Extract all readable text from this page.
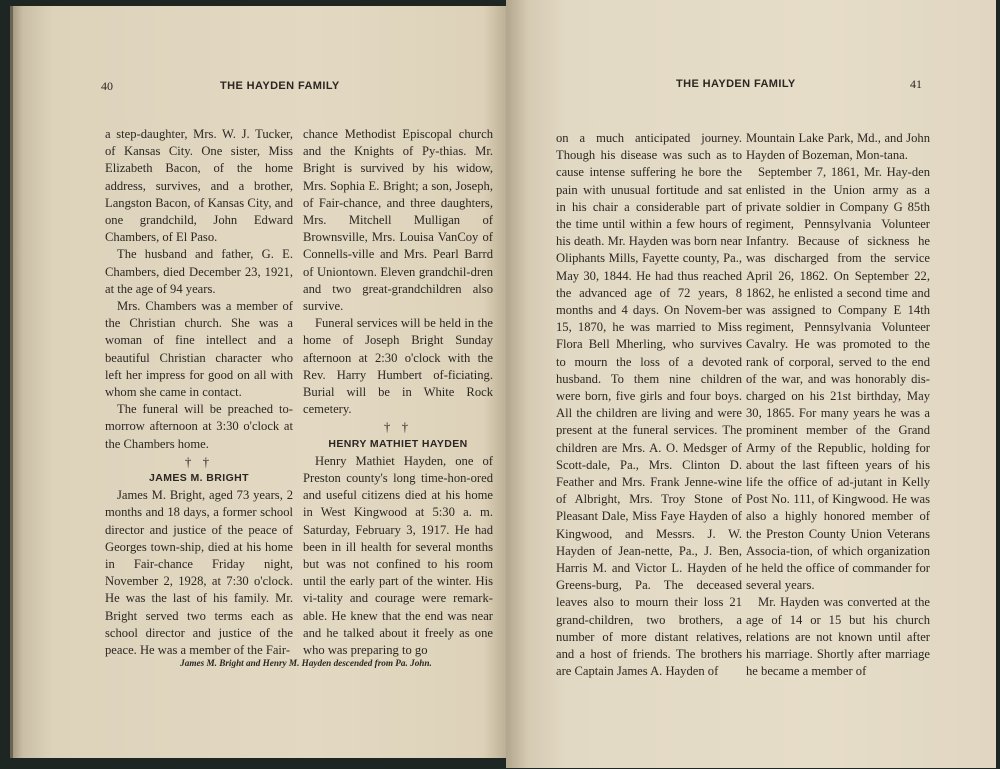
40	THE HAYDEN FAMILY

a step-daughter, Mrs. W. J. Tucker, of Kansas City. One sister, Miss Elizabeth Bacon, of the home address, survives, and a brother, Langston Bacon, of Kansas City, and one grandchild, John Edward Chambers, of El Paso.

The husband and father, G. E. Chambers, died December 23, 1921, at the age of 94 years.

Mrs. Chambers was a member of the Christian church. She was a woman of fine intellect and a beautiful Christian character who left her impress for good on all with whom she came in contact.

The funeral will be preached to-morrow afternoon at 3:30 o'clock at the Chambers home.

† †

JAMES M. BRIGHT

James M. Bright, aged 73 years, 2 months and 18 days, a former school director and justice of the peace of Georges town-ship, died at his home in Fair-chance Friday night, November 2, 1928, at 7:30 o'clock. He was the last of his family. Mr. Bright served two terms each as school director and justice of the peace. He was a member of the Fair-

chance Methodist Episcopal church and the Knights of Py-thias. Mr. Bright is survived by his widow, Mrs. Sophia E. Bright; a son, Joseph, of Fair-chance, and three daughters, Mrs. Mitchell Mulligan of Brownsville, Mrs. Louisa VanCoy of Connells-ville and Mrs. Pearl Barrd of Uniontown. Eleven grandchil-dren and two great-grandchildren also survive.

Funeral services will be held in the home of Joseph Bright Sunday afternoon at 2:30 o'clock with the Rev. Harry Humbert of-ficiating. Burial will be in White Rock cemetery.

† †

HENRY MATHIET HAYDEN

Henry Mathiet Hayden, one of Preston county's long time-hon-ored and useful citizens died at his home in West Kingwood at 5:30 a. m. Saturday, February 3, 1917. He had been in ill health for several months but was not confined to his room until the early part of the winter. His vi-tality and courage were remark-able. He knew that the end was near and he talked about it freely as one who was preparing to go

James M. Bright and Henry M. Hayden descended from Pa. John.
THE HAYDEN FAMILY	41

on a much anticipated journey. Though his disease was such as to cause intense suffering he bore the pain with unusual fortitude and sat in his chair a considerable part of the time until within a few hours of his death. Mr. Hayden was born near Oliphants Mills, Fayette county, Pa., May 30, 1844. He had thus reached the advanced age of 72 years, 8 months and 4 days. On Novem-ber 15, 1870, he was married to Miss Flora Bell Mherling, who survives to mourn the loss of a devoted husband. To them nine children were born, five girls and four boys. All the children are living and were present at the funeral services. The children are Mrs. A. O. Medsger of Scott-dale, Pa., Mrs. Clinton D. Feather and Mrs. Frank Jenne-wine of Albright, Mrs. Troy Stone of Pleasant Dale, Miss Faye Hayden of Kingwood, and Messrs. J. W. Hayden of Jean-nette, Pa., J. Ben, Harris M. and Victor L. Hayden of Greens-burg, Pa. The deceased leaves also to mourn their loss 21 grand-children, two brothers, a number of more distant relatives, and a host of friends. The brothers are Captain James A. Hayden of

Mountain Lake Park, Md., and John Hayden of Bozeman, Mon-tana.

September 7, 1861, Mr. Hay-den enlisted in the Union army as a private soldier in Company G 85th regiment, Pennsylvania Volunteer Infantry. Because of sickness he was discharged from the service April 26, 1862. On September 22, 1862, he enlisted a second time and was assigned to Company E 14th regiment, Pennsylvania Volunteer Cavalry. He was promoted to the rank of corporal, served to the end of the war, and was honorably dis-charged on his 21st birthday, May 30, 1865. For many years he was a prominent member of the Grand Army of the Republic, holding for about the last fifteen years of his life the office of ad-jutant in Kelly Post No. 111, of Kingwood. He was also a highly honored member of the Preston County Union Veterans Associa-tion, of which organization he held the office of commander for several years.

Mr. Hayden was converted at the age of 14 or 15 but his church relations are not known until after his marriage. Shortly after marriage he became a member of
